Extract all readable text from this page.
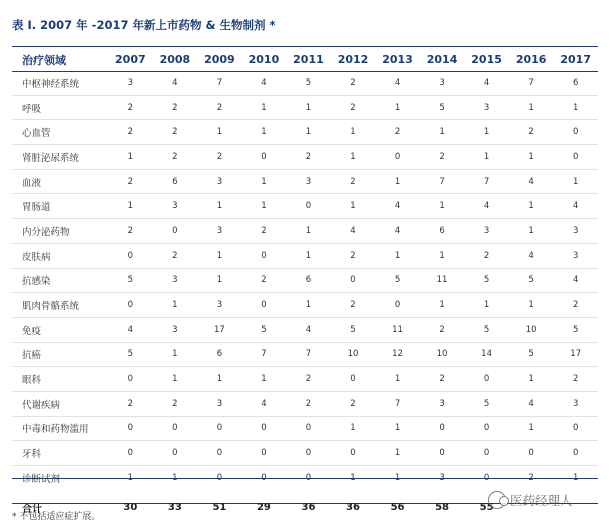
表 I. 2007 年 -2017 年新上市药物 & 生物制剂 *
治疗领域	2007	2008	2009	2010	2011	2012	2013	2014	2015	2016	2017
中枢神经系统	3	4	7	4	5	2	4	3	4	7	6
呼吸	2	2	2	1	1	2	1	5	3	1	1
心血管	2	2	1	1	1	1	2	1	1	2	0
肾脏泌尿系统	1	2	2	0	2	1	0	2	1	1	0
血液	2	6	3	1	3	2	1	7	7	4	1
胃肠道	1	3	1	1	0	1	4	1	4	1	4
内分泌药物	2	0	3	2	1	4	4	6	3	1	3
皮肤病	0	2	1	0	1	2	1	1	2	4	3
抗感染	5	3	1	2	6	0	5	11	5	5	4
肌肉骨骼系统	0	1	3	0	1	2	0	1	1	1	2
免疫	4	3	17	5	4	5	11	2	5	10	5
抗癌	5	1	6	7	7	10	12	10	14	5	17
眼科	0	1	1	1	2	0	1	2	0	1	2
代谢疾病	2	2	3	4	2	2	7	3	5	4	3
中毒和药物滥用	0	0	0	0	0	1	1	0	0	1	0
牙科	0	0	0	0	0	0	1	0	0	0	0
诊断试剂	1	1	0	0	0	1	1	3	0	2	1
合计	30	33	51	29	36	36	56	58	55		
* 不包括适应症扩展。
医药经理人
